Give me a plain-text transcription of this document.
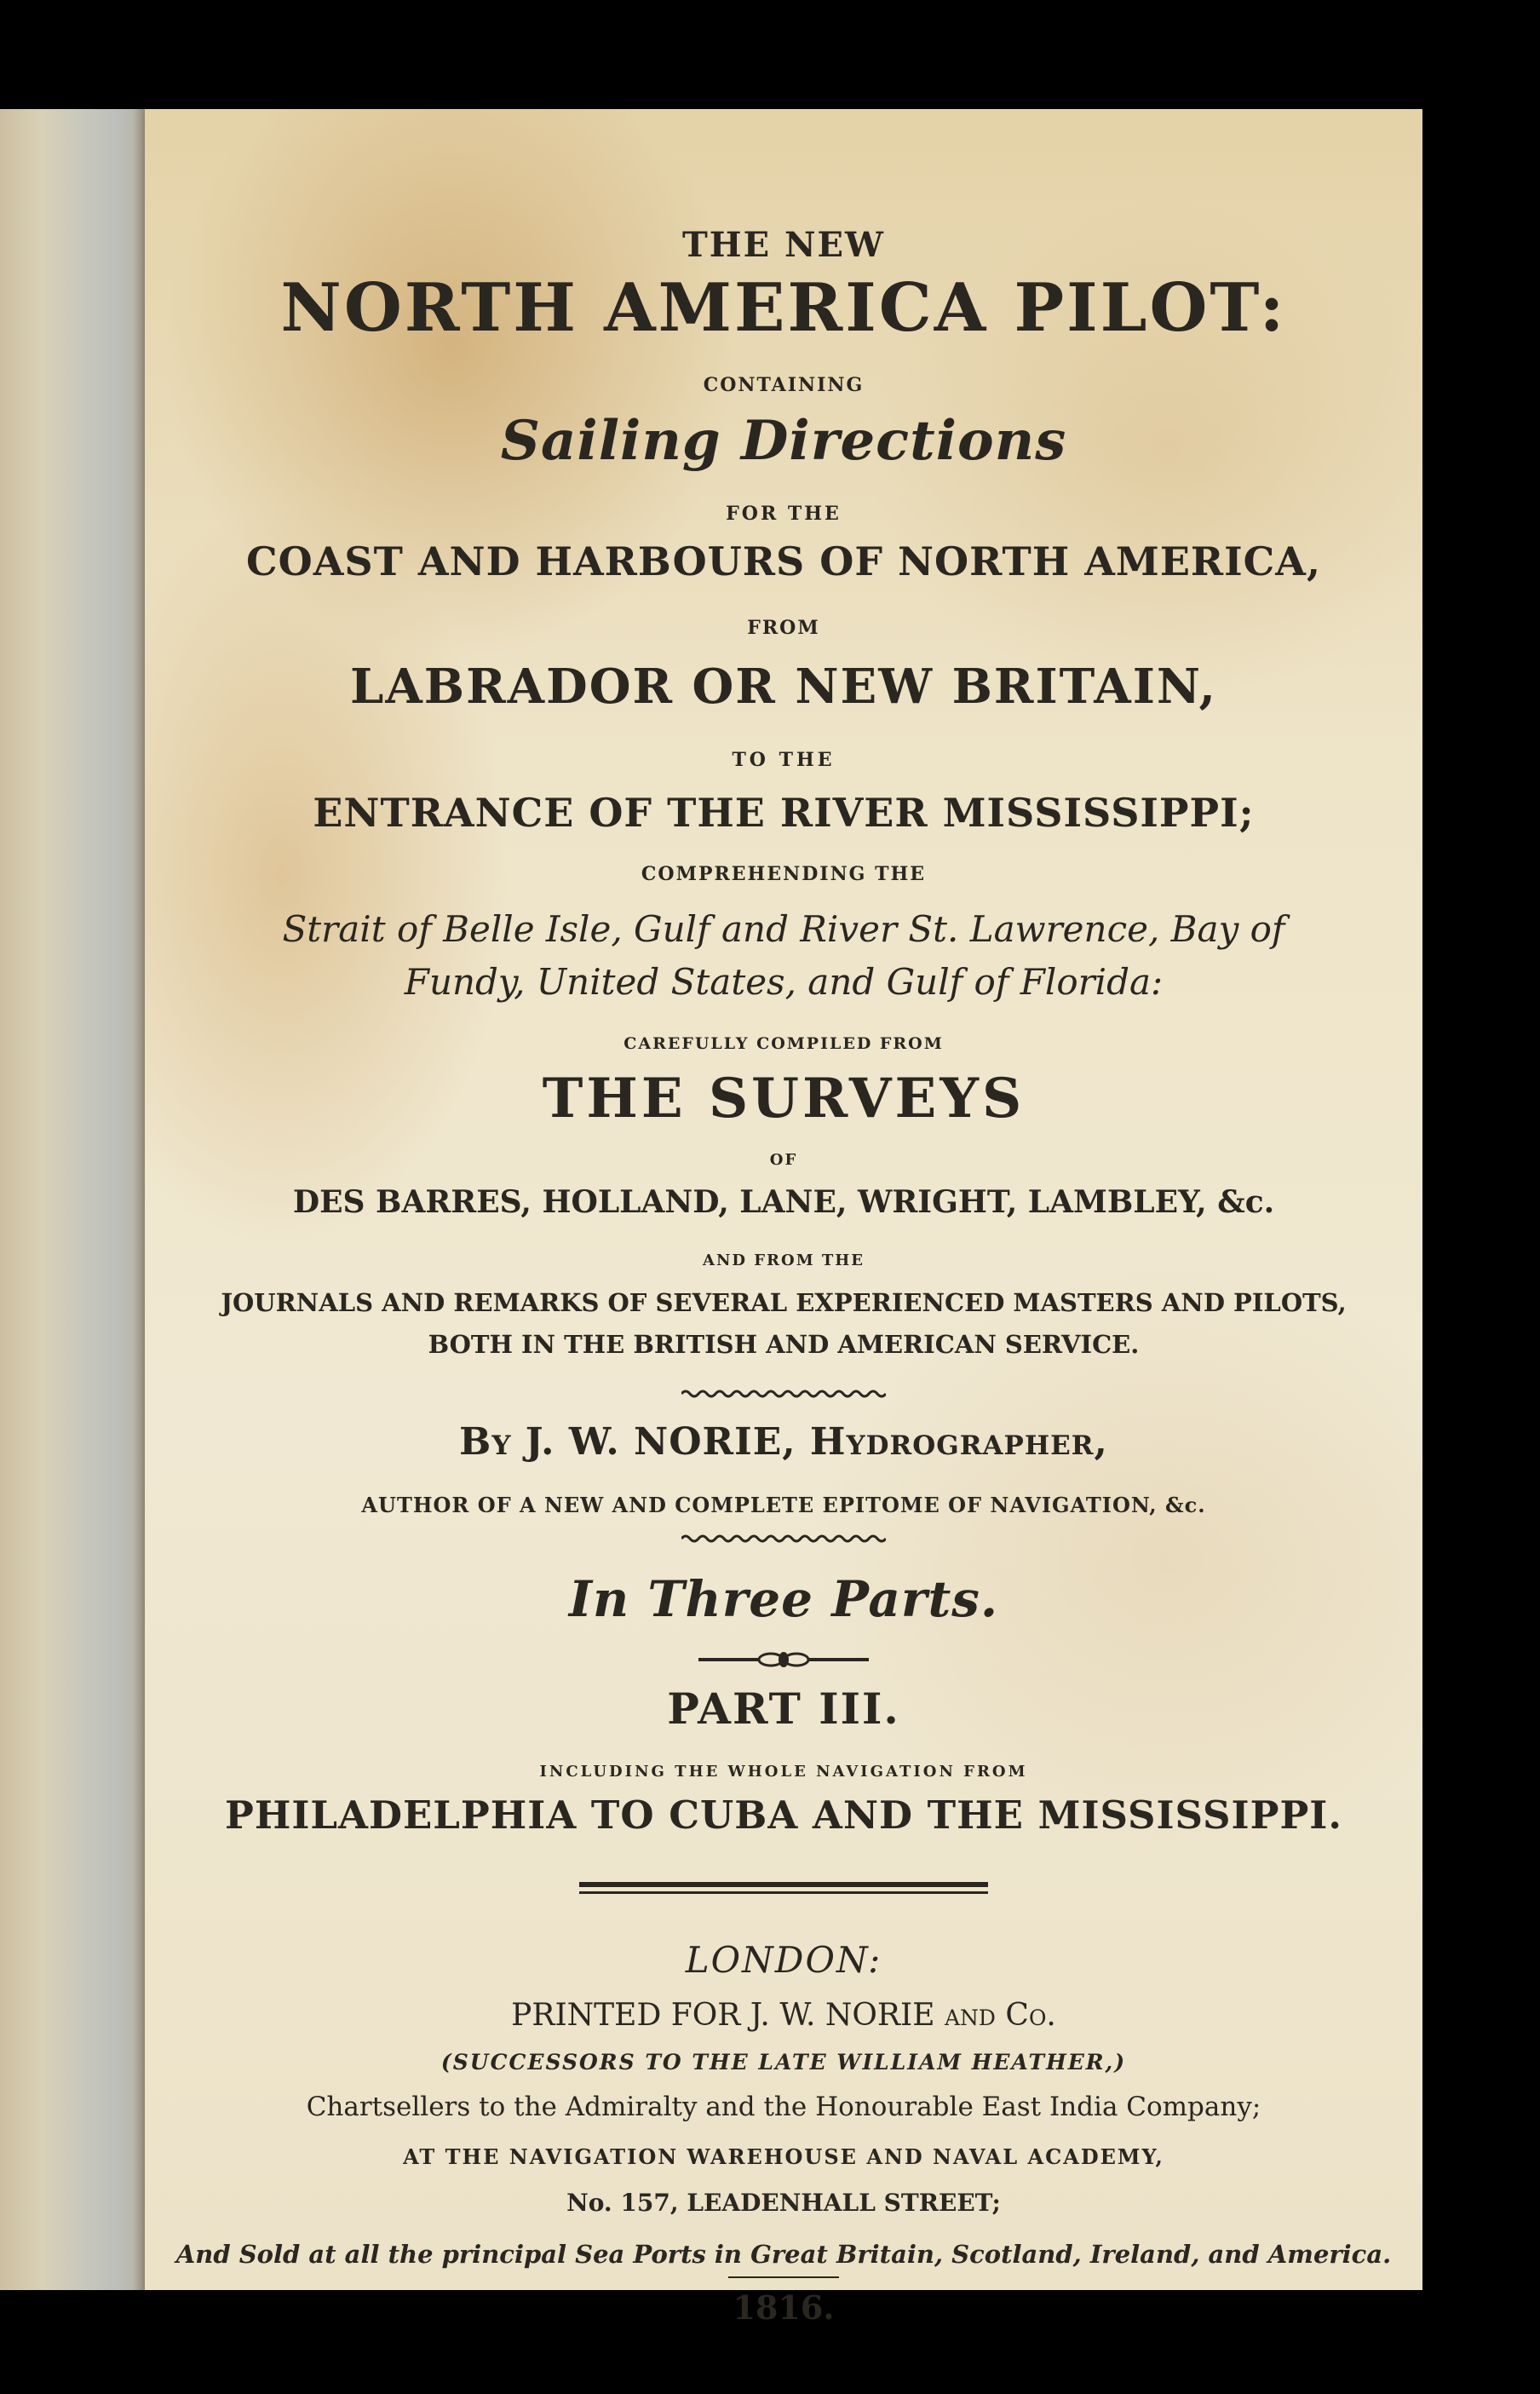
THE NEW
NORTH AMERICA PILOT:
CONTAINING
Sailing Directions
FOR THE
COAST AND HARBOURS OF NORTH AMERICA,
FROM
LABRADOR OR NEW BRITAIN,
TO THE
ENTRANCE OF THE RIVER MISSISSIPPI;
COMPREHENDING THE
Strait of Belle Isle, Gulf and River St. Lawrence, Bay of
Fundy, United States, and Gulf of Florida:
CAREFULLY COMPILED FROM
THE SURVEYS
OF
DES BARRES, HOLLAND, LANE, WRIGHT, LAMBLEY, &c.
AND FROM THE
JOURNALS AND REMARKS OF SEVERAL EXPERIENCED MASTERS AND PILOTS,
BOTH IN THE BRITISH AND AMERICAN SERVICE.
By J. W. NORIE, Hydrographer,
AUTHOR OF A NEW AND COMPLETE EPITOME OF NAVIGATION, &c.
In Three Parts.
PART III.
INCLUDING THE WHOLE NAVIGATION FROM
PHILADELPHIA TO CUBA AND THE MISSISSIPPI.
LONDON:
PRINTED FOR J. W. NORIE and Co.
(SUCCESSORS TO THE LATE WILLIAM HEATHER,)
Chartsellers to the Admiralty and the Honourable East India Company;
AT THE NAVIGATION WAREHOUSE AND NAVAL ACADEMY,
No. 157, LEADENHALL STREET;
And Sold at all the principal Sea Ports in Great Britain, Scotland, Ireland, and America.
1816.
